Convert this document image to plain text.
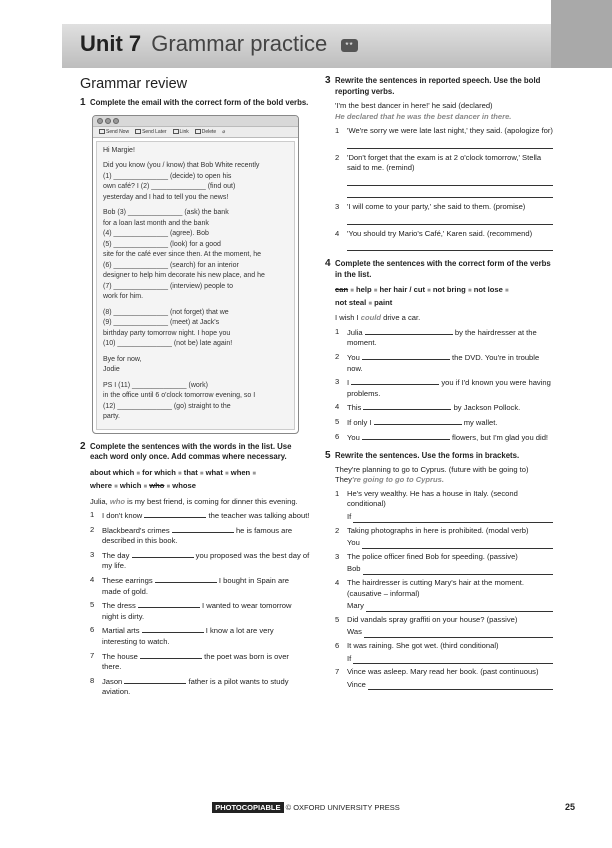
Unit 7 Grammar practice **
Grammar review
1 Complete the email with the correct form of the bold verbs.
Send Now	Send Later	Link	Delete ⌀
Hi Margie!
Did you know (you / know) that Bob White recently
(1) ______________ (decide) to open his
own café? I (2) ______________ (find out)
yesterday and I had to tell you the news!
Bob (3) ______________ (ask) the bank
for a loan last month and the bank
(4) ______________ (agree). Bob
(5) ______________ (look) for a good
site for the café ever since then. At the moment, he
(6) ______________ (search) for an interior
designer to help him decorate his new place, and he
(7) ______________ (interview) people to
work for him.
(8) ______________ (not forget) that we
(9) ______________ (meet) at Jack's
birthday party tomorrow night. I hope you
(10) ______________ (not be) late again!
Bye for now,
Jodie
PS I (11) ______________ (work)
in the office until 6 o'clock tomorrow evening, so I
(12) ______________ (go) straight to the
party.
2 Complete the sentences with the words in the list. Use each word only once. Add commas where necessary.
about which ■ for which ■ that ■ what ■ when ■
where ■ which ■ who ■ whose
Julia, who is my best friend, is coming for dinner this evening.
1	I don't know	the teacher was talking about!
2	Blackbeard's crimes	he is famous are described in this book.
3	The day	you proposed was the best day of my life.
4	These earrings	I bought in Spain are made of gold.
5	The dress	I wanted to wear tomorrow night is dirty.
6	Martial arts	I know a lot are very interesting to watch.
7	The house	the poet was born is over there.
8	Jason	father is a pilot wants to study aviation.
3 Rewrite the sentences in reported speech. Use the bold reporting verbs.
'I'm the best dancer in here!' he said (declared)
He declared that he was the best dancer in there.
1	'We're sorry we were late last night,' they said. (apologize for)
2	'Don't forget that the exam is at 2 o'clock tomorrow,' Stella said to me. (remind)
3	'I will come to your party,' she said to them. (promise)
4	'You should try Mario's Café,' Karen said. (recommend)
4 Complete the sentences with the correct form of the verbs in the list.
can ■ help ■ her hair / cut ■ not bring ■ not lose ■
not steal ■ paint
I wish I could drive a car.
1	Julia	by the hairdresser at the moment.
2	You	the DVD. You're in trouble now.
3	I	you if I'd known you were having problems.
4	This	by Jackson Pollock.
5	If only I	my wallet.
6	You	flowers, but I'm glad you did!
5 Rewrite the sentences. Use the forms in brackets.
They're planning to go to Cyprus. (future with be going to)
They're going to go to Cyprus.
1	He's very wealthy. He has a house in Italy. (second conditional)
If
2	Taking photographs in here is prohibited. (modal verb)
You
3	The police officer fined Bob for speeding. (passive)
Bob
4	The hairdresser is cutting Mary's hair at the moment. (causative – informal)
Mary
5	Did vandals spray graffiti on your house? (passive)
Was
6	It was raining. She got wet. (third conditional)
If
7	Vince was asleep. Mary read her book. (past continuous)
Vince
PHOTOCOPIABLE © OXFORD UNIVERSITY PRESS	25
